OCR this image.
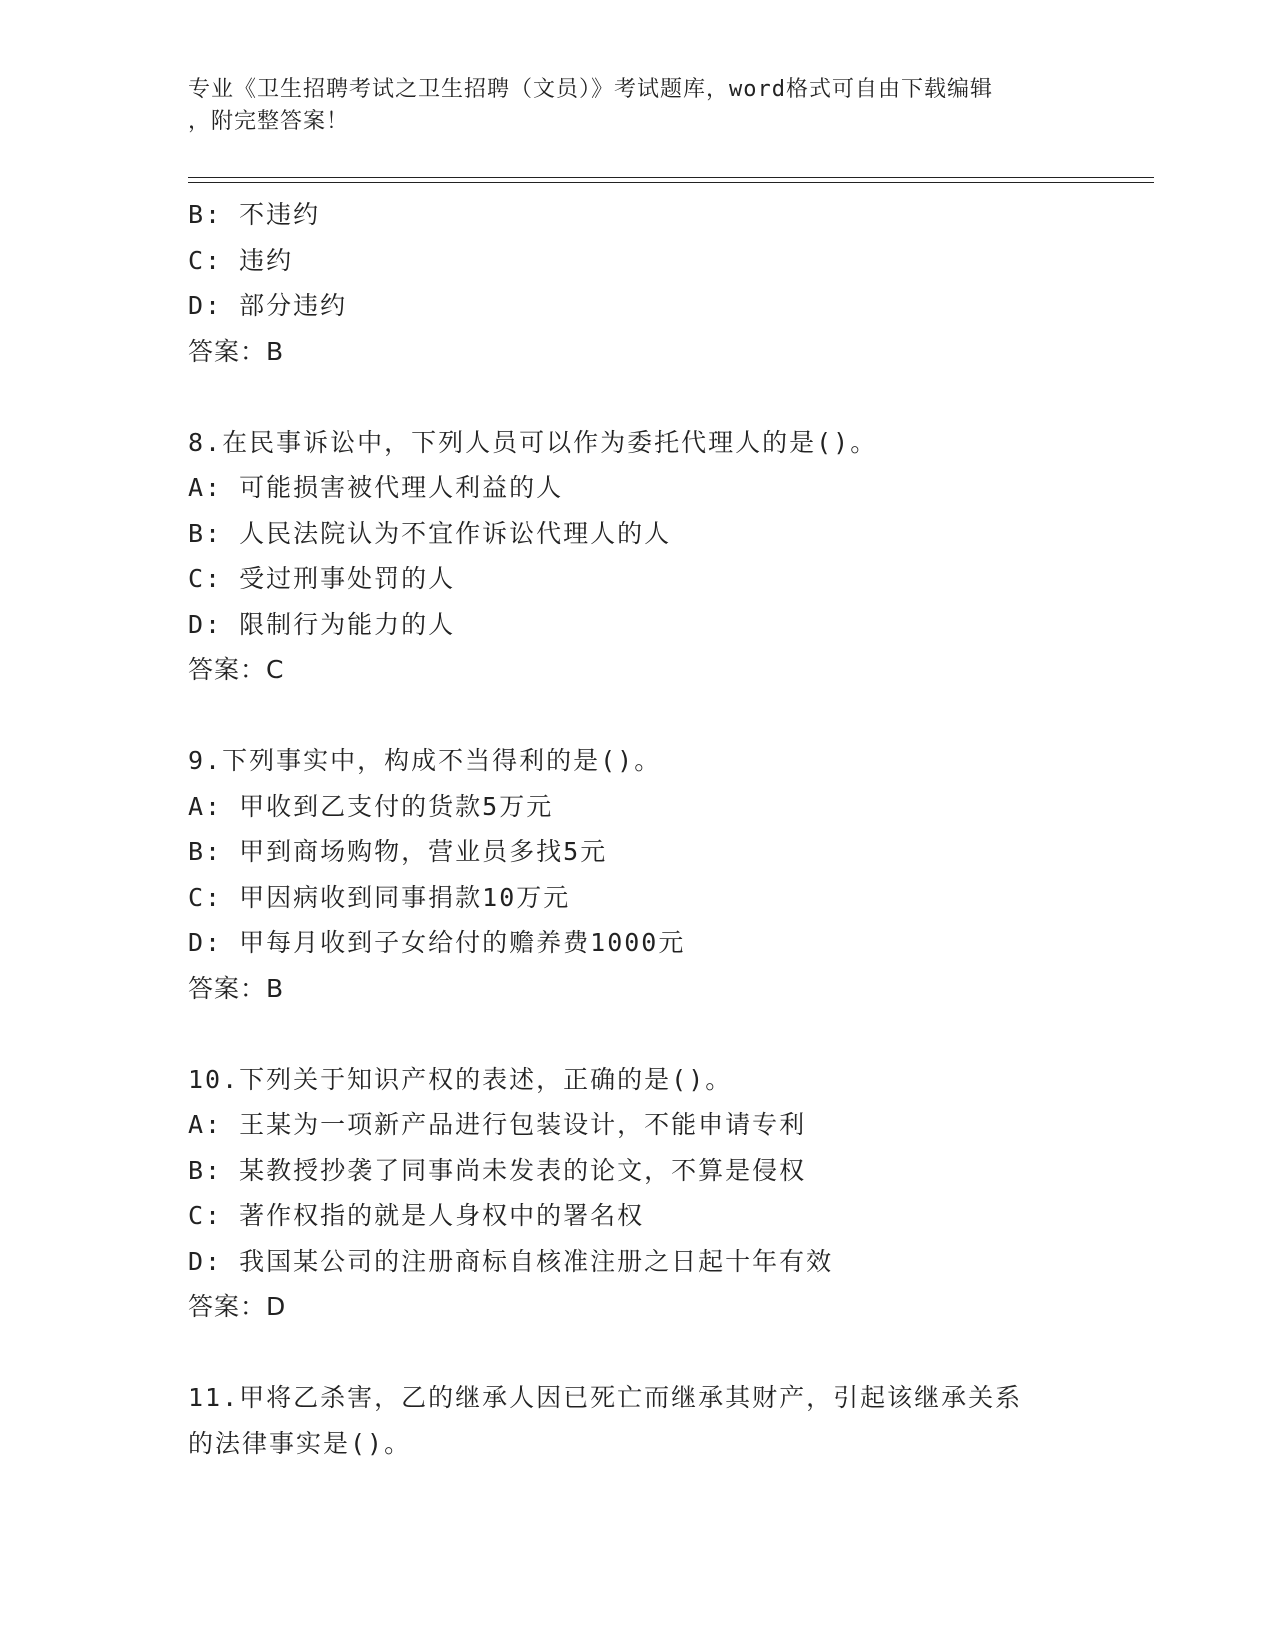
专业《卫生招聘考试之卫生招聘（文员）》考试题库，word格式可自由下载编辑
，附完整答案！
B: 不违约
C: 违约
D: 部分违约
答案：B
8.在民事诉讼中，下列人员可以作为委托代理人的是()。
A: 可能损害被代理人利益的人
B: 人民法院认为不宜作诉讼代理人的人
C: 受过刑事处罚的人
D: 限制行为能力的人
答案：C
9.下列事实中，构成不当得利的是()。
A: 甲收到乙支付的货款5万元
B: 甲到商场购物，营业员多找5元
C: 甲因病收到同事捐款10万元
D: 甲每月收到子女给付的赡养费1000元
答案：B
10.下列关于知识产权的表述，正确的是()。
A: 王某为一项新产品进行包装设计，不能申请专利
B: 某教授抄袭了同事尚未发表的论文，不算是侵权
C: 著作权指的就是人身权中的署名权
D: 我国某公司的注册商标自核准注册之日起十年有效
答案：D
11.甲将乙杀害，乙的继承人因已死亡而继承其财产，引起该继承关系
的法律事实是()。
